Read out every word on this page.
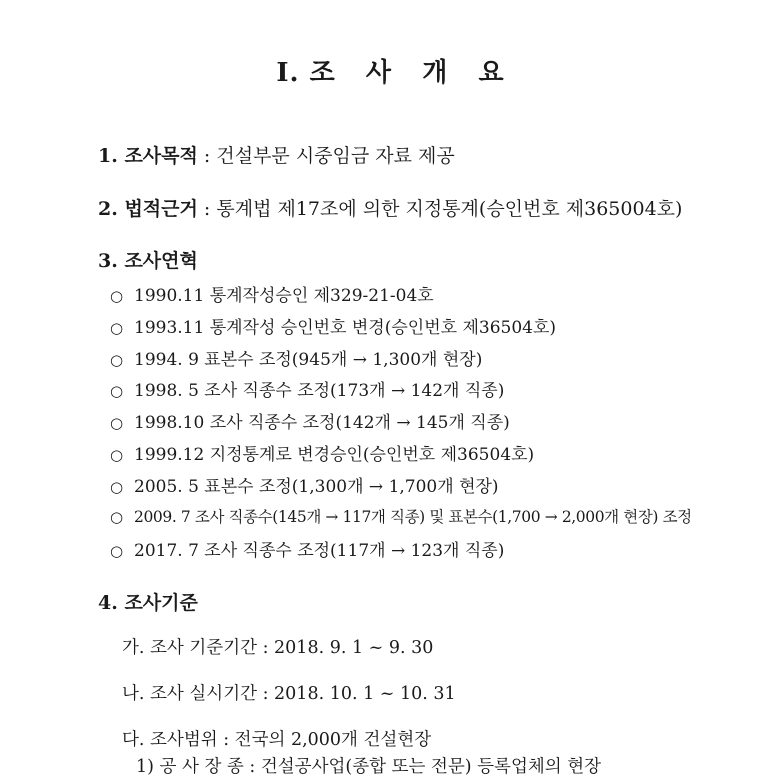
I. 조   사   개   요
1. 조사목적 : 건설부문 시중임금 자료 제공
2. 법적근거 : 통계법 제17조에 의한 지정통계(승인번호 제365004호)
3. 조사연혁
○ 1990.11 통계작성승인 제329-21-04호
○ 1993.11 통계작성 승인번호 변경(승인번호 제36504호)
○ 1994. 9 표본수 조정(945개 → 1,300개 현장)
○ 1998. 5 조사 직종수 조정(173개 → 142개 직종)
○ 1998.10 조사 직종수 조정(142개 → 145개 직종)
○ 1999.12 지정통계로 변경승인(승인번호 제36504호)
○ 2005. 5 표본수 조정(1,300개 → 1,700개 현장)
○ 2009. 7 조사 직종수(145개 → 117개 직종) 및 표본수(1,700 → 2,000개 현장) 조정
○ 2017. 7 조사 직종수 조정(117개 → 123개 직종)
4. 조사기준
가. 조사 기준기간 : 2018. 9. 1 ~ 9. 30
나. 조사 실시기간 : 2018. 10. 1 ~ 10. 31
다. 조사범위 : 전국의 2,000개 건설현장
1) 공 사 장 종 : 건설공사업(종합 또는 전문) 등록업체의 현장
